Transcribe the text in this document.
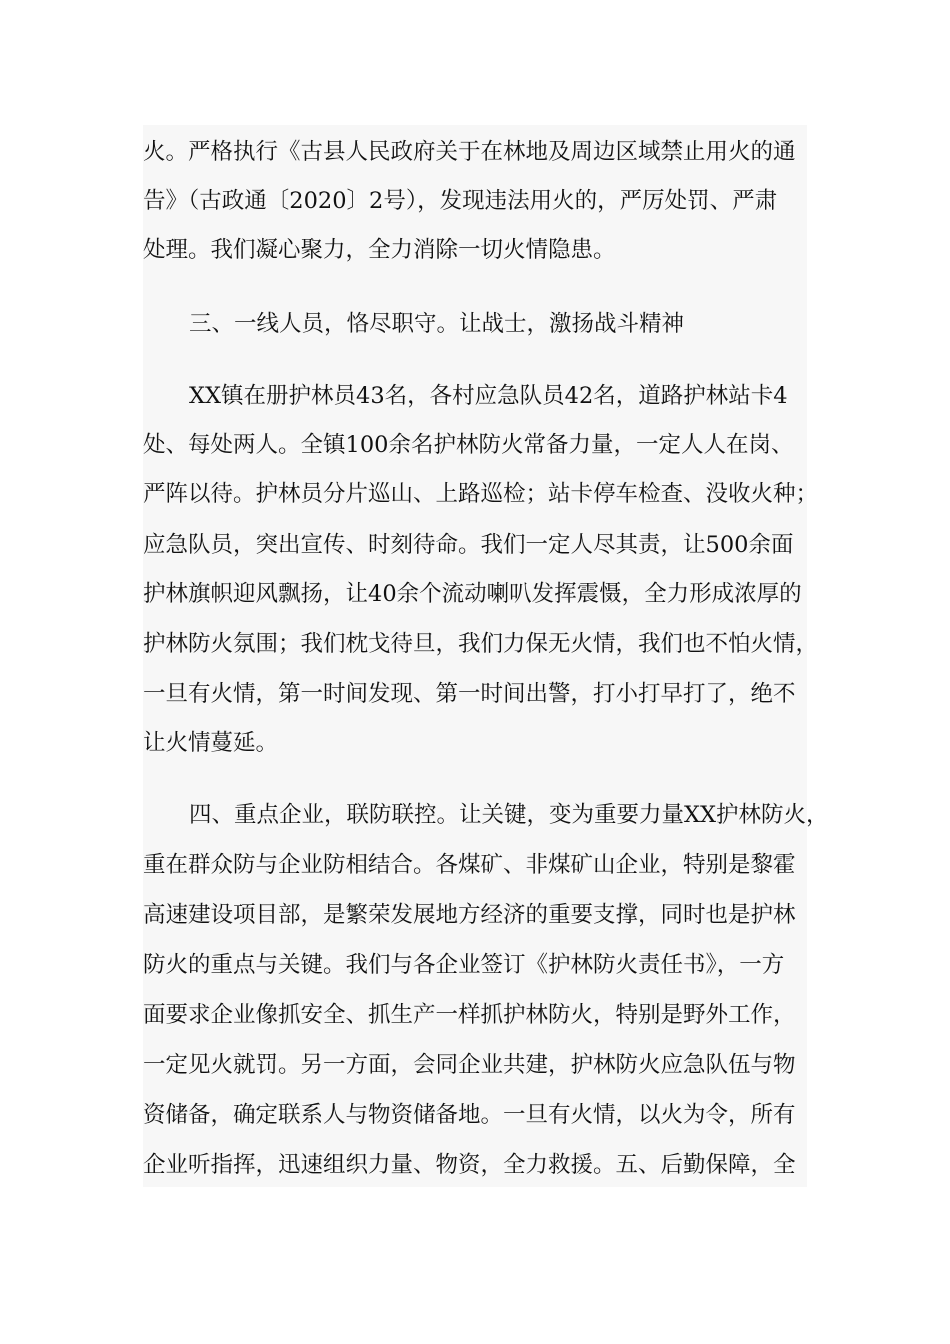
火。严格执行《古县人民政府关于在林地及周边区域禁止用火的通
告》（古政通〔2020〕2号），发现违法用火的，严厉处罚、严肃
处理。我们凝心聚力，全力消除一切火情隐患。
三、一线人员，恪尽职守。让战士，激扬战斗精神
XX镇在册护林员43名，各村应急队员42名，道路护林站卡4
处、每处两人。全镇100余名护林防火常备力量，一定人人在岗、
严阵以待。护林员分片巡山、上路巡检；站卡停车检查、没收火种；
应急队员，突出宣传、时刻待命。我们一定人尽其责，让500余面
护林旗帜迎风飘扬，让40余个流动喇叭发挥震慑，全力形成浓厚的
护林防火氛围；我们枕戈待旦，我们力保无火情，我们也不怕火情，
一旦有火情，第一时间发现、第一时间出警，打小打早打了，绝不
让火情蔓延。
四、重点企业，联防联控。让关键，变为重要力量XX护林防火，
重在群众防与企业防相结合。各煤矿、非煤矿山企业，特别是黎霍
高速建设项目部，是繁荣发展地方经济的重要支撑，同时也是护林
防火的重点与关键。我们与各企业签订《护林防火责任书》，一方
面要求企业像抓安全、抓生产一样抓护林防火，特别是野外工作，
一定见火就罚。另一方面，会同企业共建，护林防火应急队伍与物
资储备，确定联系人与物资储备地。一旦有火情，以火为令，所有
企业听指挥，迅速组织力量、物资，全力救援。五、后勤保障，全
